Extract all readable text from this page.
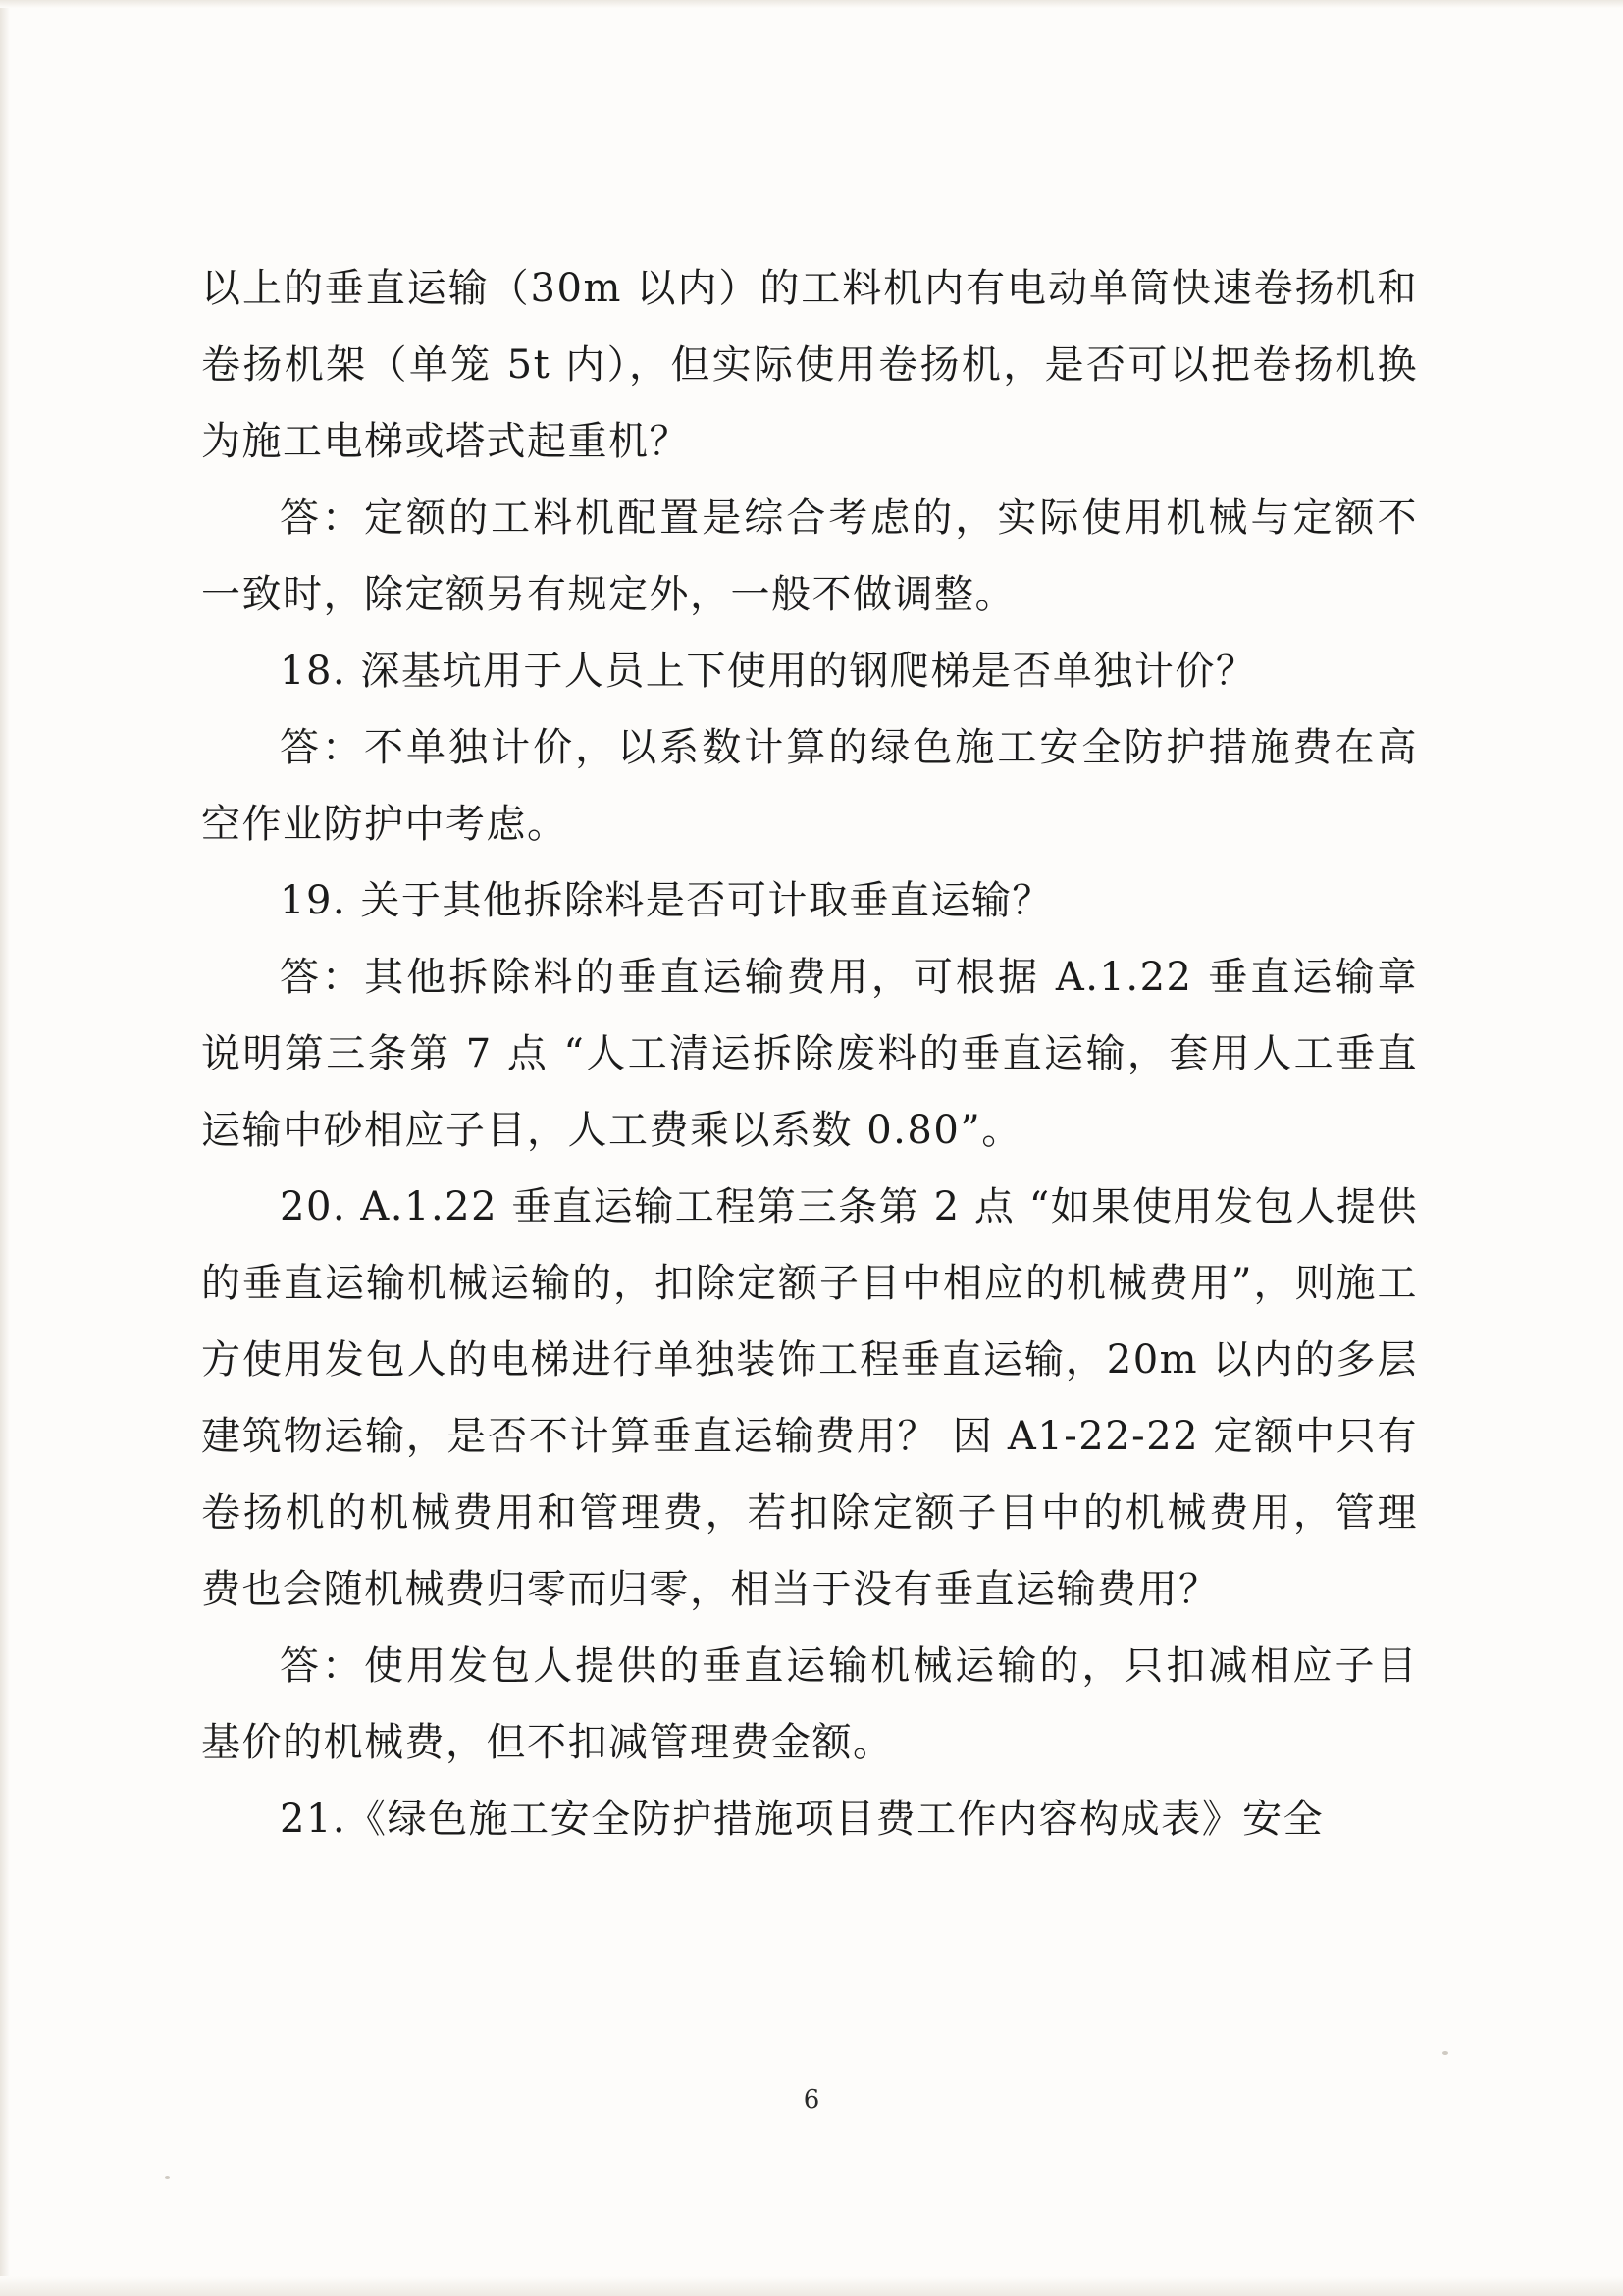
以上的垂直运输（30m 以内）的工料机内有电动单筒快速卷扬机和卷扬机架（单笼 5t 内），但实际使用卷扬机，是否可以把卷扬机换为施工电梯或塔式起重机？

答：定额的工料机配置是综合考虑的，实际使用机械与定额不一致时，除定额另有规定外，一般不做调整。

18. 深基坑用于人员上下使用的钢爬梯是否单独计价？

答：不单独计价，以系数计算的绿色施工安全防护措施费在高空作业防护中考虑。

19. 关于其他拆除料是否可计取垂直运输？

答：其他拆除料的垂直运输费用，可根据 A.1.22 垂直运输章说明第三条第 7 点 “人工清运拆除废料的垂直运输，套用人工垂直运输中砂相应子目，人工费乘以系数 0.80”。

20. A.1.22 垂直运输工程第三条第 2 点 “如果使用发包人提供的垂直运输机械运输的，扣除定额子目中相应的机械费用”，则施工方使用发包人的电梯进行单独装饰工程垂直运输，20m 以内的多层建筑物运输，是否不计算垂直运输费用？ 因 A1-22-22 定额中只有卷扬机的机械费用和管理费，若扣除定额子目中的机械费用，管理费也会随机械费归零而归零，相当于没有垂直运输费用？

答：使用发包人提供的垂直运输机械运输的，只扣减相应子目基价的机械费，但不扣减管理费金额。

21.《绿色施工安全防护措施项目费工作内容构成表》安全

6
